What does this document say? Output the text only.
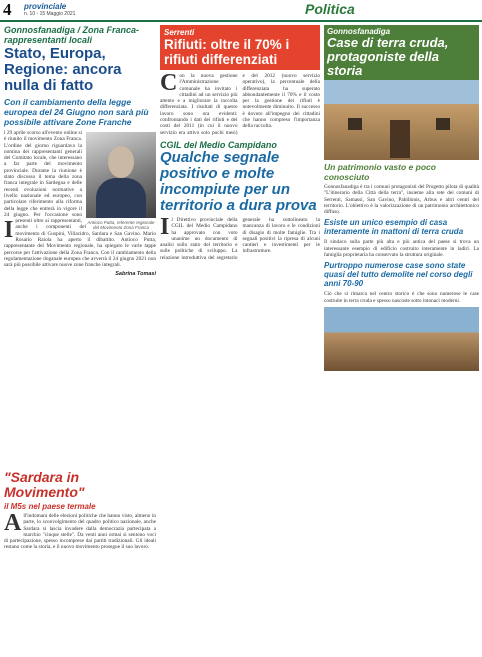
4 provinciale
n. 10 - 15 Maggio 2021	Politica
Gonnosfanadiga / Zona Franca-rappresentanti locali
Stato, Europa, Regione: ancora nulla di fatto
Con il cambiamento della legge europea del 24 Giugno non sarà più possibile attivare Zone Franche
Antioco Putta, referente regionale del Movimento Zona Franca
I
l 29 aprile scorso all'evento online si è riunito il movimento Zona Franca. L'ordine del giorno riguardava la nomina dei rappresentanti generali del Comitato locale, che interessano a far parte del movimento provinciale. Durante la riunione è stato discusso il tema della zona franca integrale in Sardegna e delle recenti evoluzioni normative a livello nazionale ed europeo, con particolare riferimento alla riforma della legge che entrerà in vigore il 24 giugno. Per l'occasione sono presenti oltre ai rappresentanti, anche i componenti del movimento di Guspini, Villacidro, Sardara e San Gavino. Mario Rosario Raiola ha aperto il dibattito. Antioco Putta, rappresentante del Movimento regionale, ha spiegato le varie tappe percorse per l'attivazione della Zona Franca. Con il cambiamento della regolamentazione doganale europea che avverrà il 24 giugno 2021 non sarà più possibile attivare nuove zone franche integrali.
Sabrina Tomasi
"Sardara in Movimento"
il M5s nel paese termale
All'indomani delle elezioni politiche che hanno visto, almeno in parte, lo sconvolgimento del quadro politico nazionale, anche Sardara si lascia invadere dalla democrazia partecipata a marchio "cinque stelle". Da venti anni ormai si sentono voci di partecipazione, spesso incomprese dai partiti tradizionali. Gli ideali restano come la storia, e il nuovo movimento prosegue il suo lavoro.
Serrenti
Rifiuti: oltre il 70% i rifiuti differenziati
Con la nuova gestione l'Amministrazione comunale ha invitato i cittadini ad un servizio più attento e a migliorare la raccolta differenziata. I risultati di questo lavoro sono ora evidenti: confrontando i dati dei rifiuti e dei costi del 2011 (in cui il nuovo servizio era attivo solo pochi mesi) e del 2012 (nuovo servizio operativo), la percentuale della differenziata ha superato abbondantemente il 70% e il costo per la gestione dei rifiuti è notevolmente diminuito. Il successo è dovuto all'impegno dei cittadini che hanno compreso l'importanza della raccolta.
CGIL del Medio Campidano
Qualche segnale positivo e molte incompiute per un territorio a dura prova
Il Direttivo provinciale della CGIL del Medio Campidano ha approvato con voto unanime un documento di analisi sullo stato del territorio e sulle politiche di sviluppo. La relazione introduttiva del segretario generale ha sottolineato la mancanza di lavoro e le condizioni di disagio di molte famiglie. Tra i segnali positivi la ripresa di alcuni cantieri e investimenti per le infrastrutture.
Gonnosfanadiga
Case di terra cruda, protagoniste della storia
Un patrimonio vasto e poco conosciuto
Gonnosfanadiga è tra i comuni protagonisti del Progetto pilota di qualità "L'itinerario della Città della terra", insieme alla rete dei comuni di Serrenti, Samassi, San Gavino, Pabillonis, Arbus e altri centri del territorio. L'obiettivo è la valorizzazione di un patrimonio architettonico diffuso.
Esiste un unico esempio di casa interamente in mattoni di terra cruda
Il sindaco sulla parte più alta e più antica del paese si trova un interessante esempio di edificio costruito interamente in ladiri. La famiglia proprietaria ha conservato la struttura originale.
Purtroppo numerose case sono state quasi del tutto demolite nel corso degli anni 70-90
Ciò che si rimarca nel centro storico è che sono numerose le case costruite in terra cruda e spesso nascoste sotto intonaci moderni.
